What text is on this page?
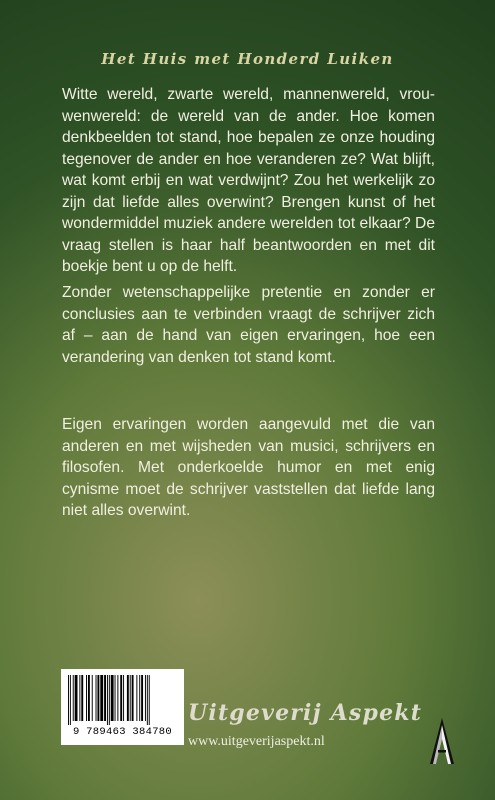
Het Huis met Honderd Luiken

Witte wereld, zwarte wereld, mannenwereld, vrouwenwereld: de wereld van de ander. Hoe komen denkbeelden tot stand, hoe bepalen ze onze houding tegenover de ander en hoe veranderen ze? Wat blijft, wat komt erbij en wat verdwijnt? Zou het werkelijk zo zijn dat liefde alles overwint? Brengen kunst of het wondermiddel muziek andere werelden tot elkaar? De vraag stellen is haar half beantwoorden en met dit boekje bent u op de helft.

Zonder wetenschappelijke pretentie en zonder er conclusies aan te verbinden vraagt de schrijver zich af – aan de hand van eigen ervaringen, hoe een verandering van denken tot stand komt.

Eigen ervaringen worden aangevuld met die van anderen en met wijsheden van musici, schrijvers en filosofen. Met onderkoelde humor en met enig cynisme moet de schrijver vaststellen dat liefde lang niet alles overwint.

9 789463 384780
Uitgeverij Aspekt
www.uitgeverijaspekt.nl
